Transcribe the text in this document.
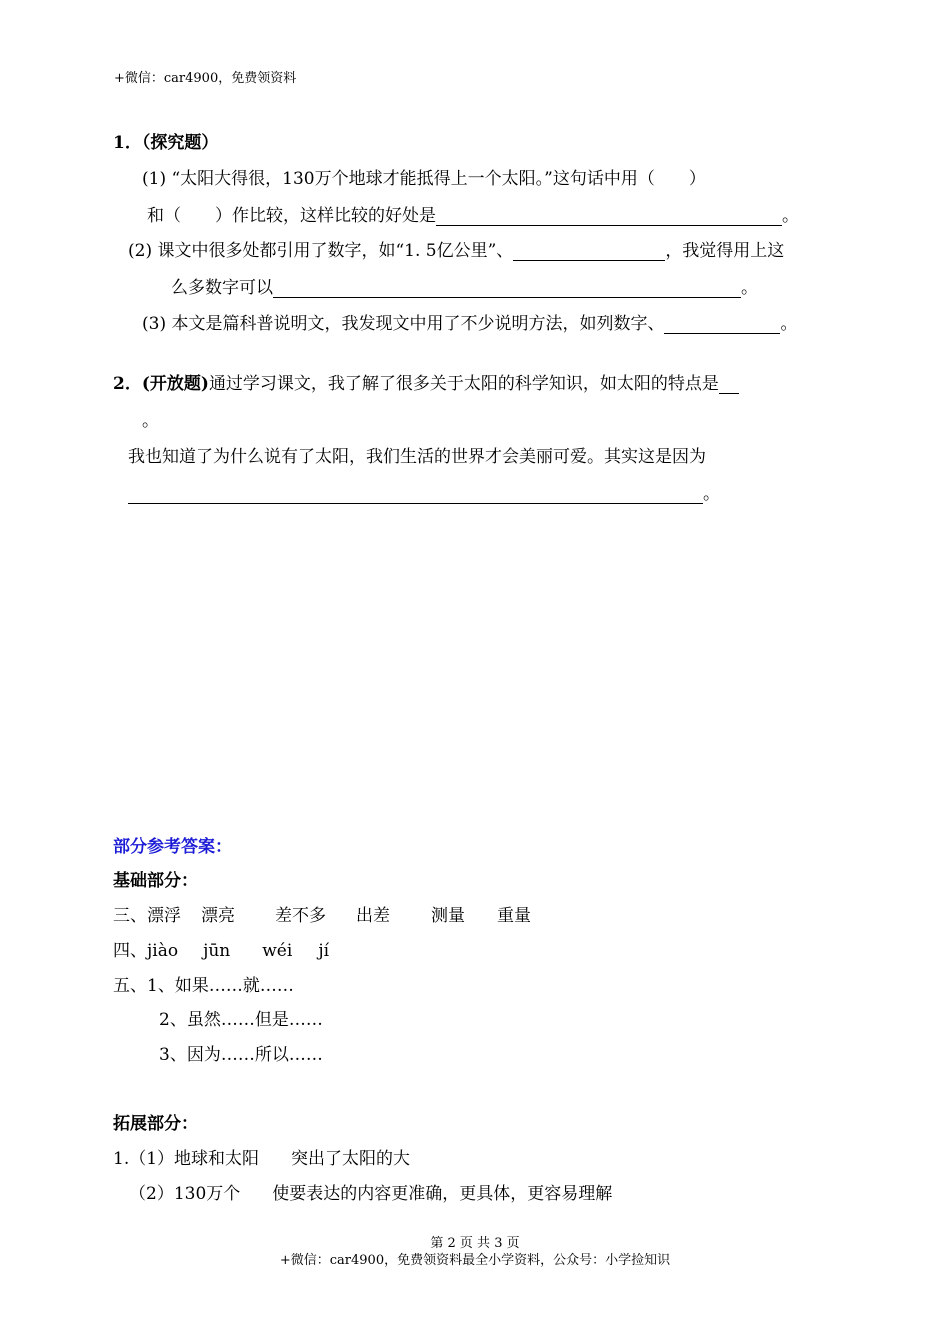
+微信：car4900，免费领资料
1．（探究题）
(1) “太阳大得很，130万个地球才能抵得上一个太阳。”这句话中用（　　）
和（　　）作比较，这样比较的好处是	。
(2) 课文中很多处都引用了数字，如“1. 5亿公里”、	，我觉得用上这
么多数字可以	。
(3) 本文是篇科普说明文，我发现文中用了不少说明方法，如列数字、	。
2．(开放题)通过学习课文，我了解了很多关于太阳的科学知识，如太阳的特点是
。
我也知道了为什么说有了太阳，我们生活的世界才会美丽可爱。其实这是因为
。
部分参考答案：
基础部分：
三、漂浮 漂亮 差不多 出差 测量 重量
四、jiào jūn wéi jí
五、1、如果……就……
2、虽然……但是……
3、因为……所以……
拓展部分：
1.（1）地球和太阳 突出了太阳的大
（2）130万个 使要表达的内容更准确，更具体，更容易理解
第 2 页 共 3 页
+微信：car4900，免费领资料最全小学资料，公众号：小学捡知识
